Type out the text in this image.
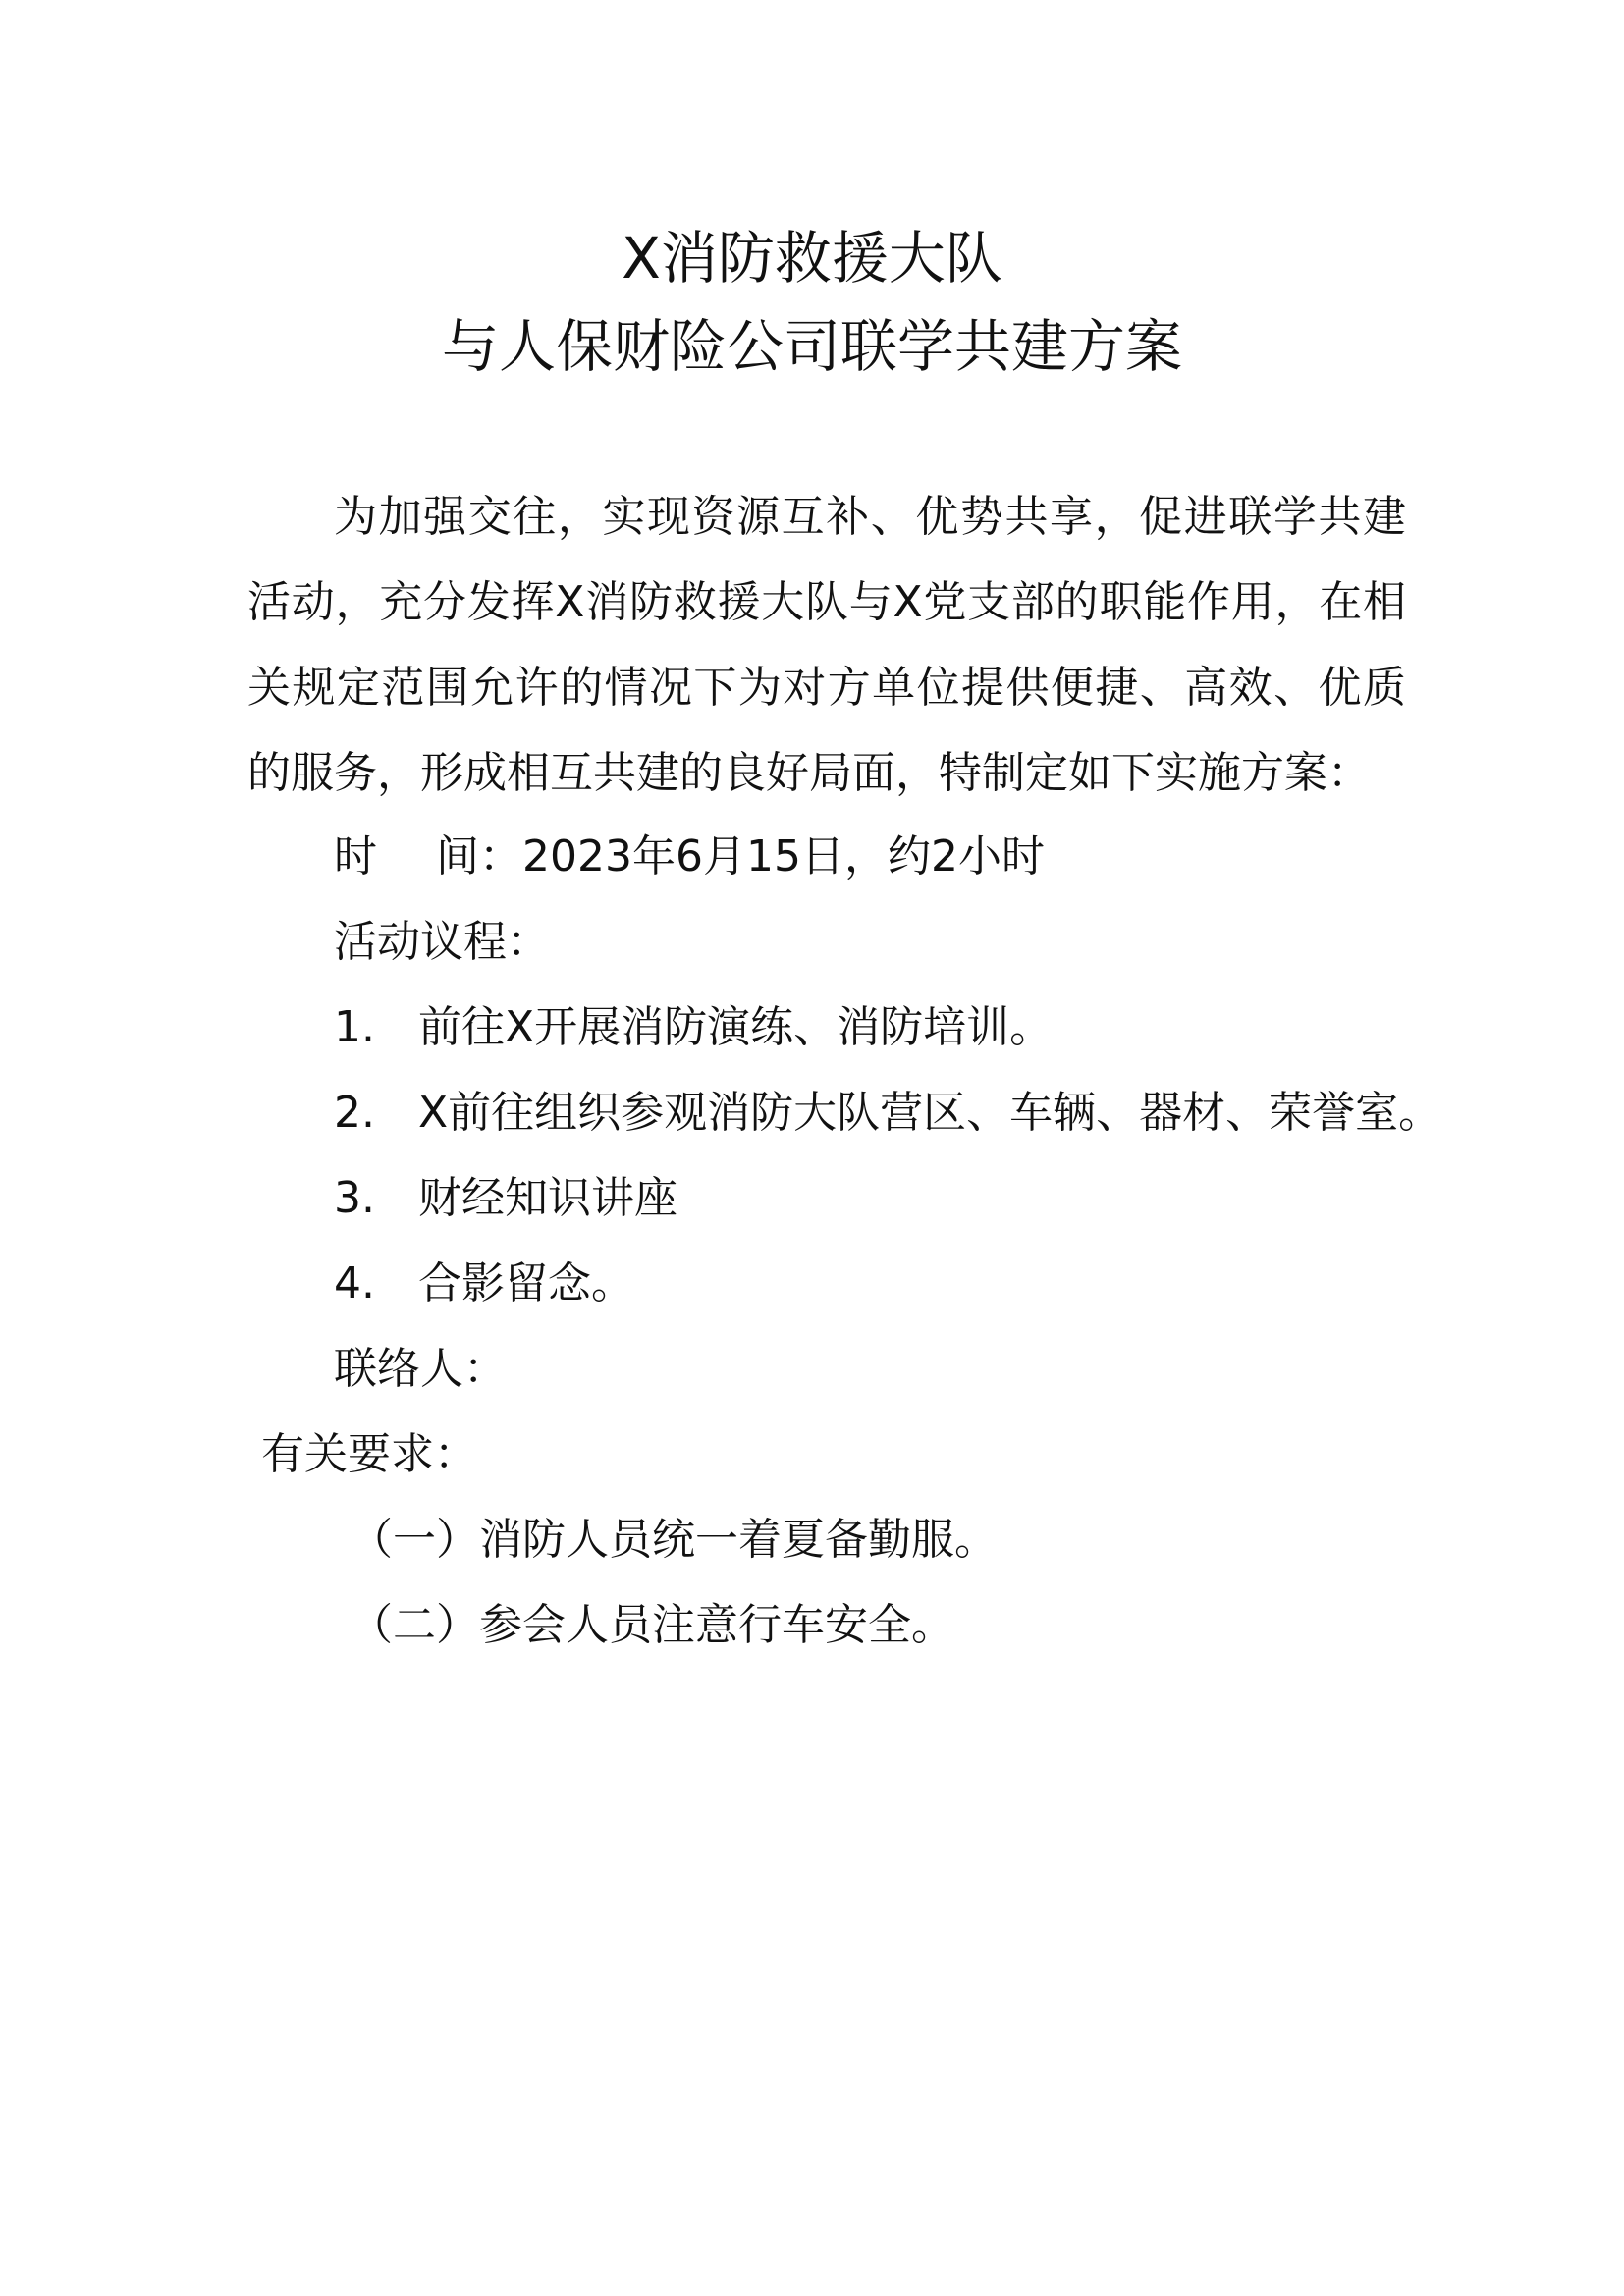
X消防救援大队
与人保财险公司联学共建方案
为加强交往，实现资源互补、优势共享，促进联学共建活动，充分发挥X消防救援大队与X党支部的职能作用，在相关规定范围允许的情况下为对方单位提供便捷、高效、优质的服务，形成相互共建的良好局面，特制定如下实施方案：
时 间：2023年6月15日，约2小时
活动议程：
1. 前往X开展消防演练、消防培训。
2. X前往组织参观消防大队营区、车辆、器材、荣誉室。
3. 财经知识讲座
4. 合影留念。
联络人：
有关要求：
（一）消防人员统一着夏备勤服。
（二）参会人员注意行车安全。
